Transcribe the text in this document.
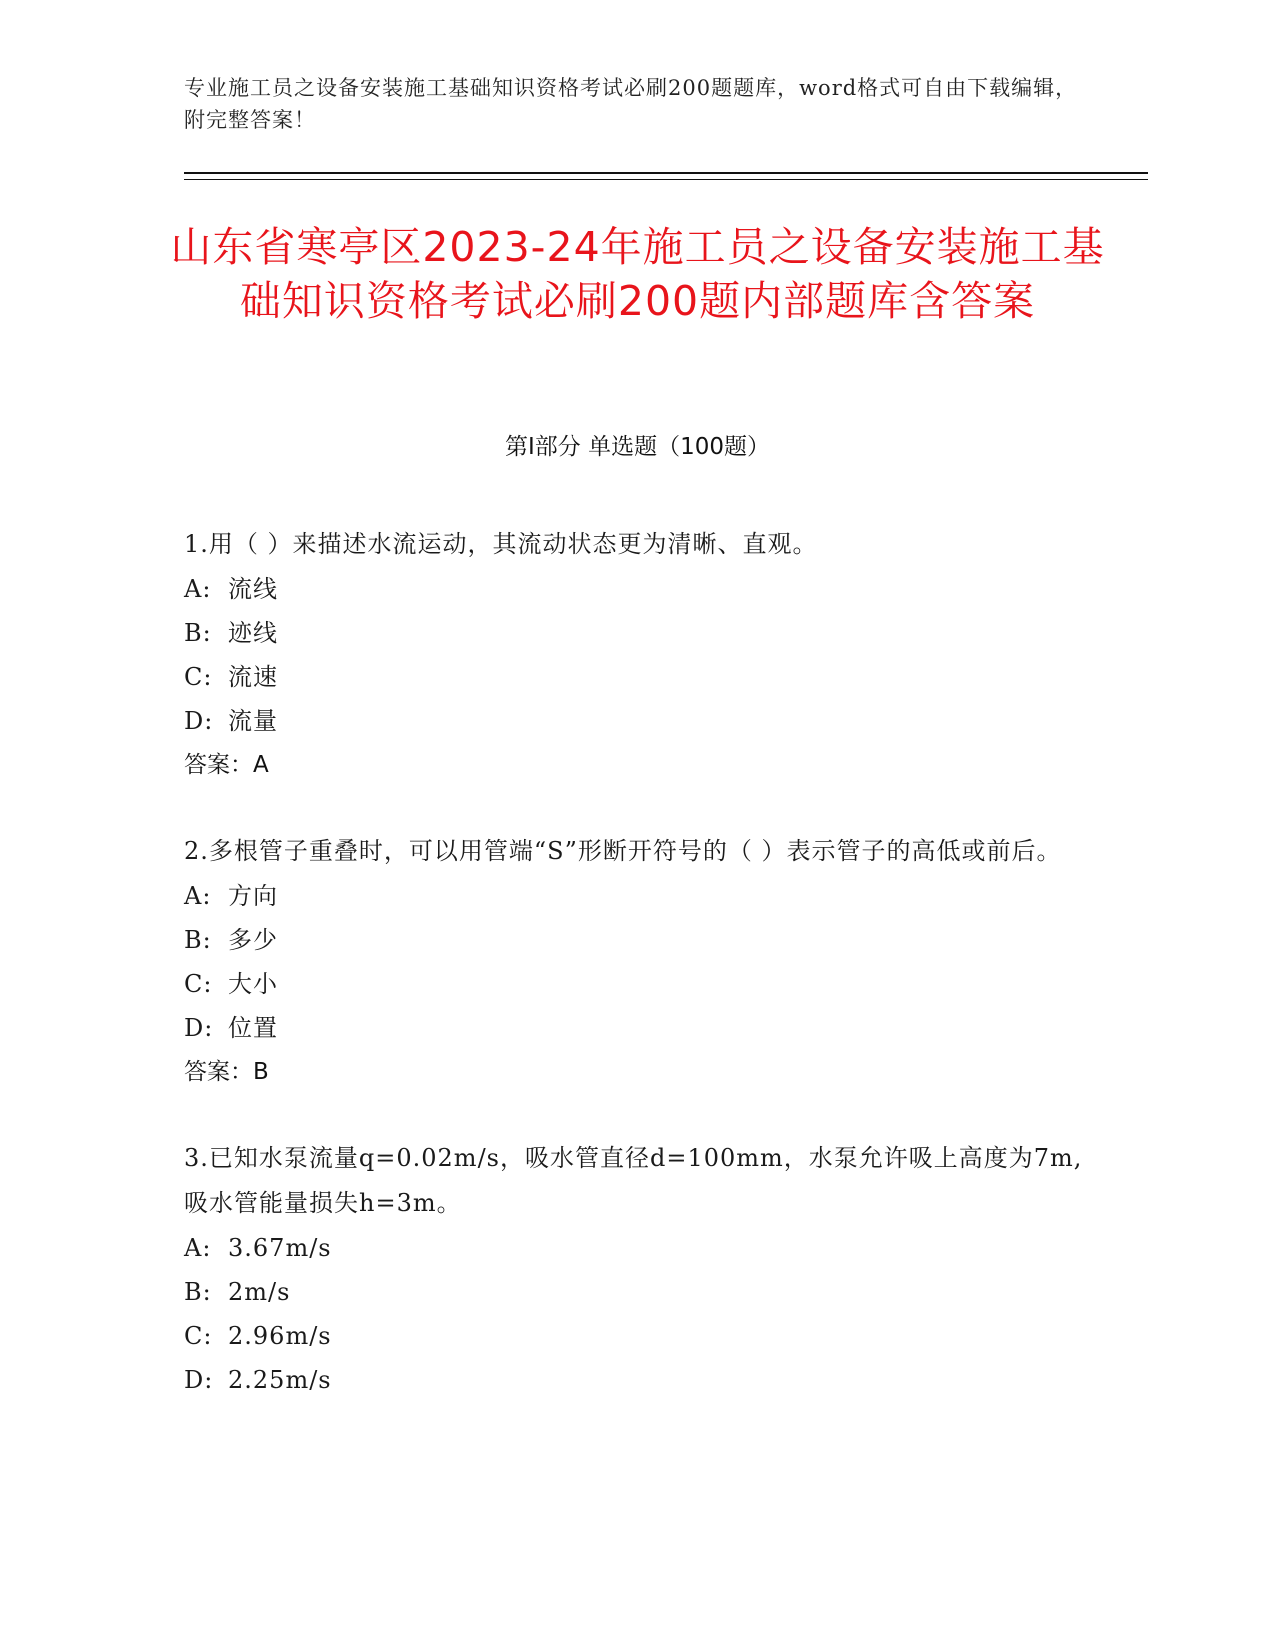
专业施工员之设备安装施工基础知识资格考试必刷200题题库，word格式可自由下载编辑，附完整答案！
山东省寒亭区2023-24年施工员之设备安装施工基础知识资格考试必刷200题内部题库含答案
第Ⅰ部分 单选题（100题）

1.用（ ）来描述水流运动，其流动状态更为清晰、直观。

A: 流线

B: 迹线

C: 流速

D: 流量

答案：A

2.多根管子重叠时，可以用管端“S”形断开符号的（ ）表示管子的高低或前后。

A: 方向

B: 多少

C: 大小

D: 位置

答案：B

3.已知水泵流量q=0.02m/s，吸水管直径d=100mm，水泵允许吸上高度为7m,吸水管能量损失h=3m。

A: 3.67m/s

B: 2m/s

C: 2.96m/s

D: 2.25m/s
